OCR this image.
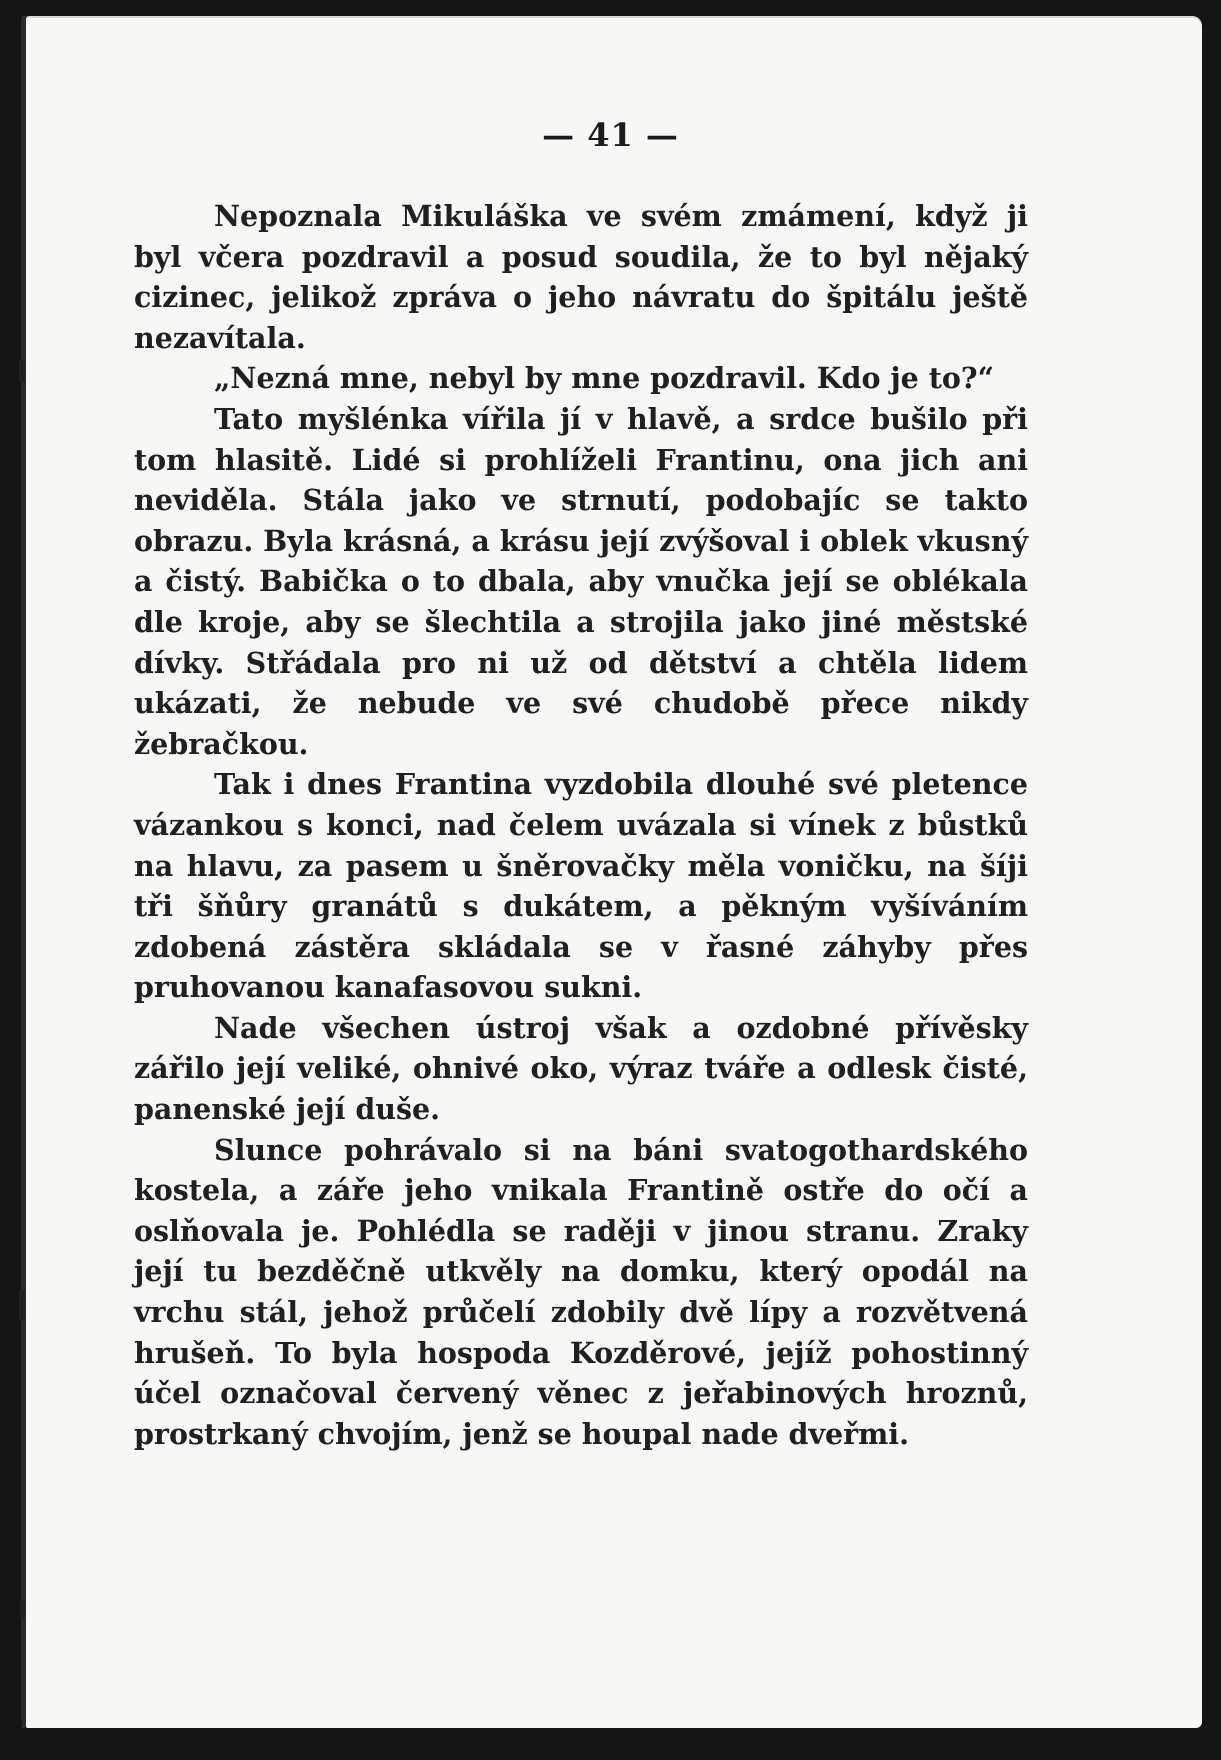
— 41 —

Nepoznala Mikuláška ve svém zmámení, když ji byl včera pozdravil a posud soudila, že to byl nějaký cizinec, jelikož zpráva o jeho návratu do špitálu ještě nezavítala.

„Nezná mne, nebyl by mne pozdravil. Kdo je to?“

Tato myšlénka vířila jí v hlavě, a srdce bušilo při tom hlasitě. Lidé si prohlíželi Frantinu, ona jich ani neviděla. Stála jako ve strnutí, podobajíc se takto obrazu. Byla krásná, a krásu její zvýšoval i oblek vkusný a čistý. Babička o to dbala, aby vnučka její se oblékala dle kroje, aby se šlechtila a strojila jako jiné městské dívky. Střádala pro ni už od dětství a chtěla lidem ukázati, že nebude ve své chudobě přece nikdy žebračkou.

Tak i dnes Frantina vyzdobila dlouhé své pletence vázankou s konci, nad čelem uvázala si vínek z bůstků na hlavu, za pasem u šněrovačky měla voničku, na šíji tři šňůry granátů s dukátem, a pěkným vyšíváním zdobená zástěra skládala se v řasné záhyby přes pruhovanou kanafasovou sukni.

Nade všechen ústroj však a ozdobné přívěsky zářilo její veliké, ohnivé oko, výraz tváře a odlesk čisté, panenské její duše.

Slunce pohrávalo si na báni svatogothardského kostela, a záře jeho vnikala Frantině ostře do očí a oslňovala je. Pohlédla se raději v jinou stranu. Zraky její tu bezděčně utkvěly na domku, který opodál na vrchu stál, jehož průčelí zdobily dvě lípy a rozvětvená hrušeň. To byla hospoda Kozděrové, jejíž pohostinný účel označoval červený věnec z jeřabinových hroznů, prostrkaný chvojím, jenž se houpal nade dveřmi.
